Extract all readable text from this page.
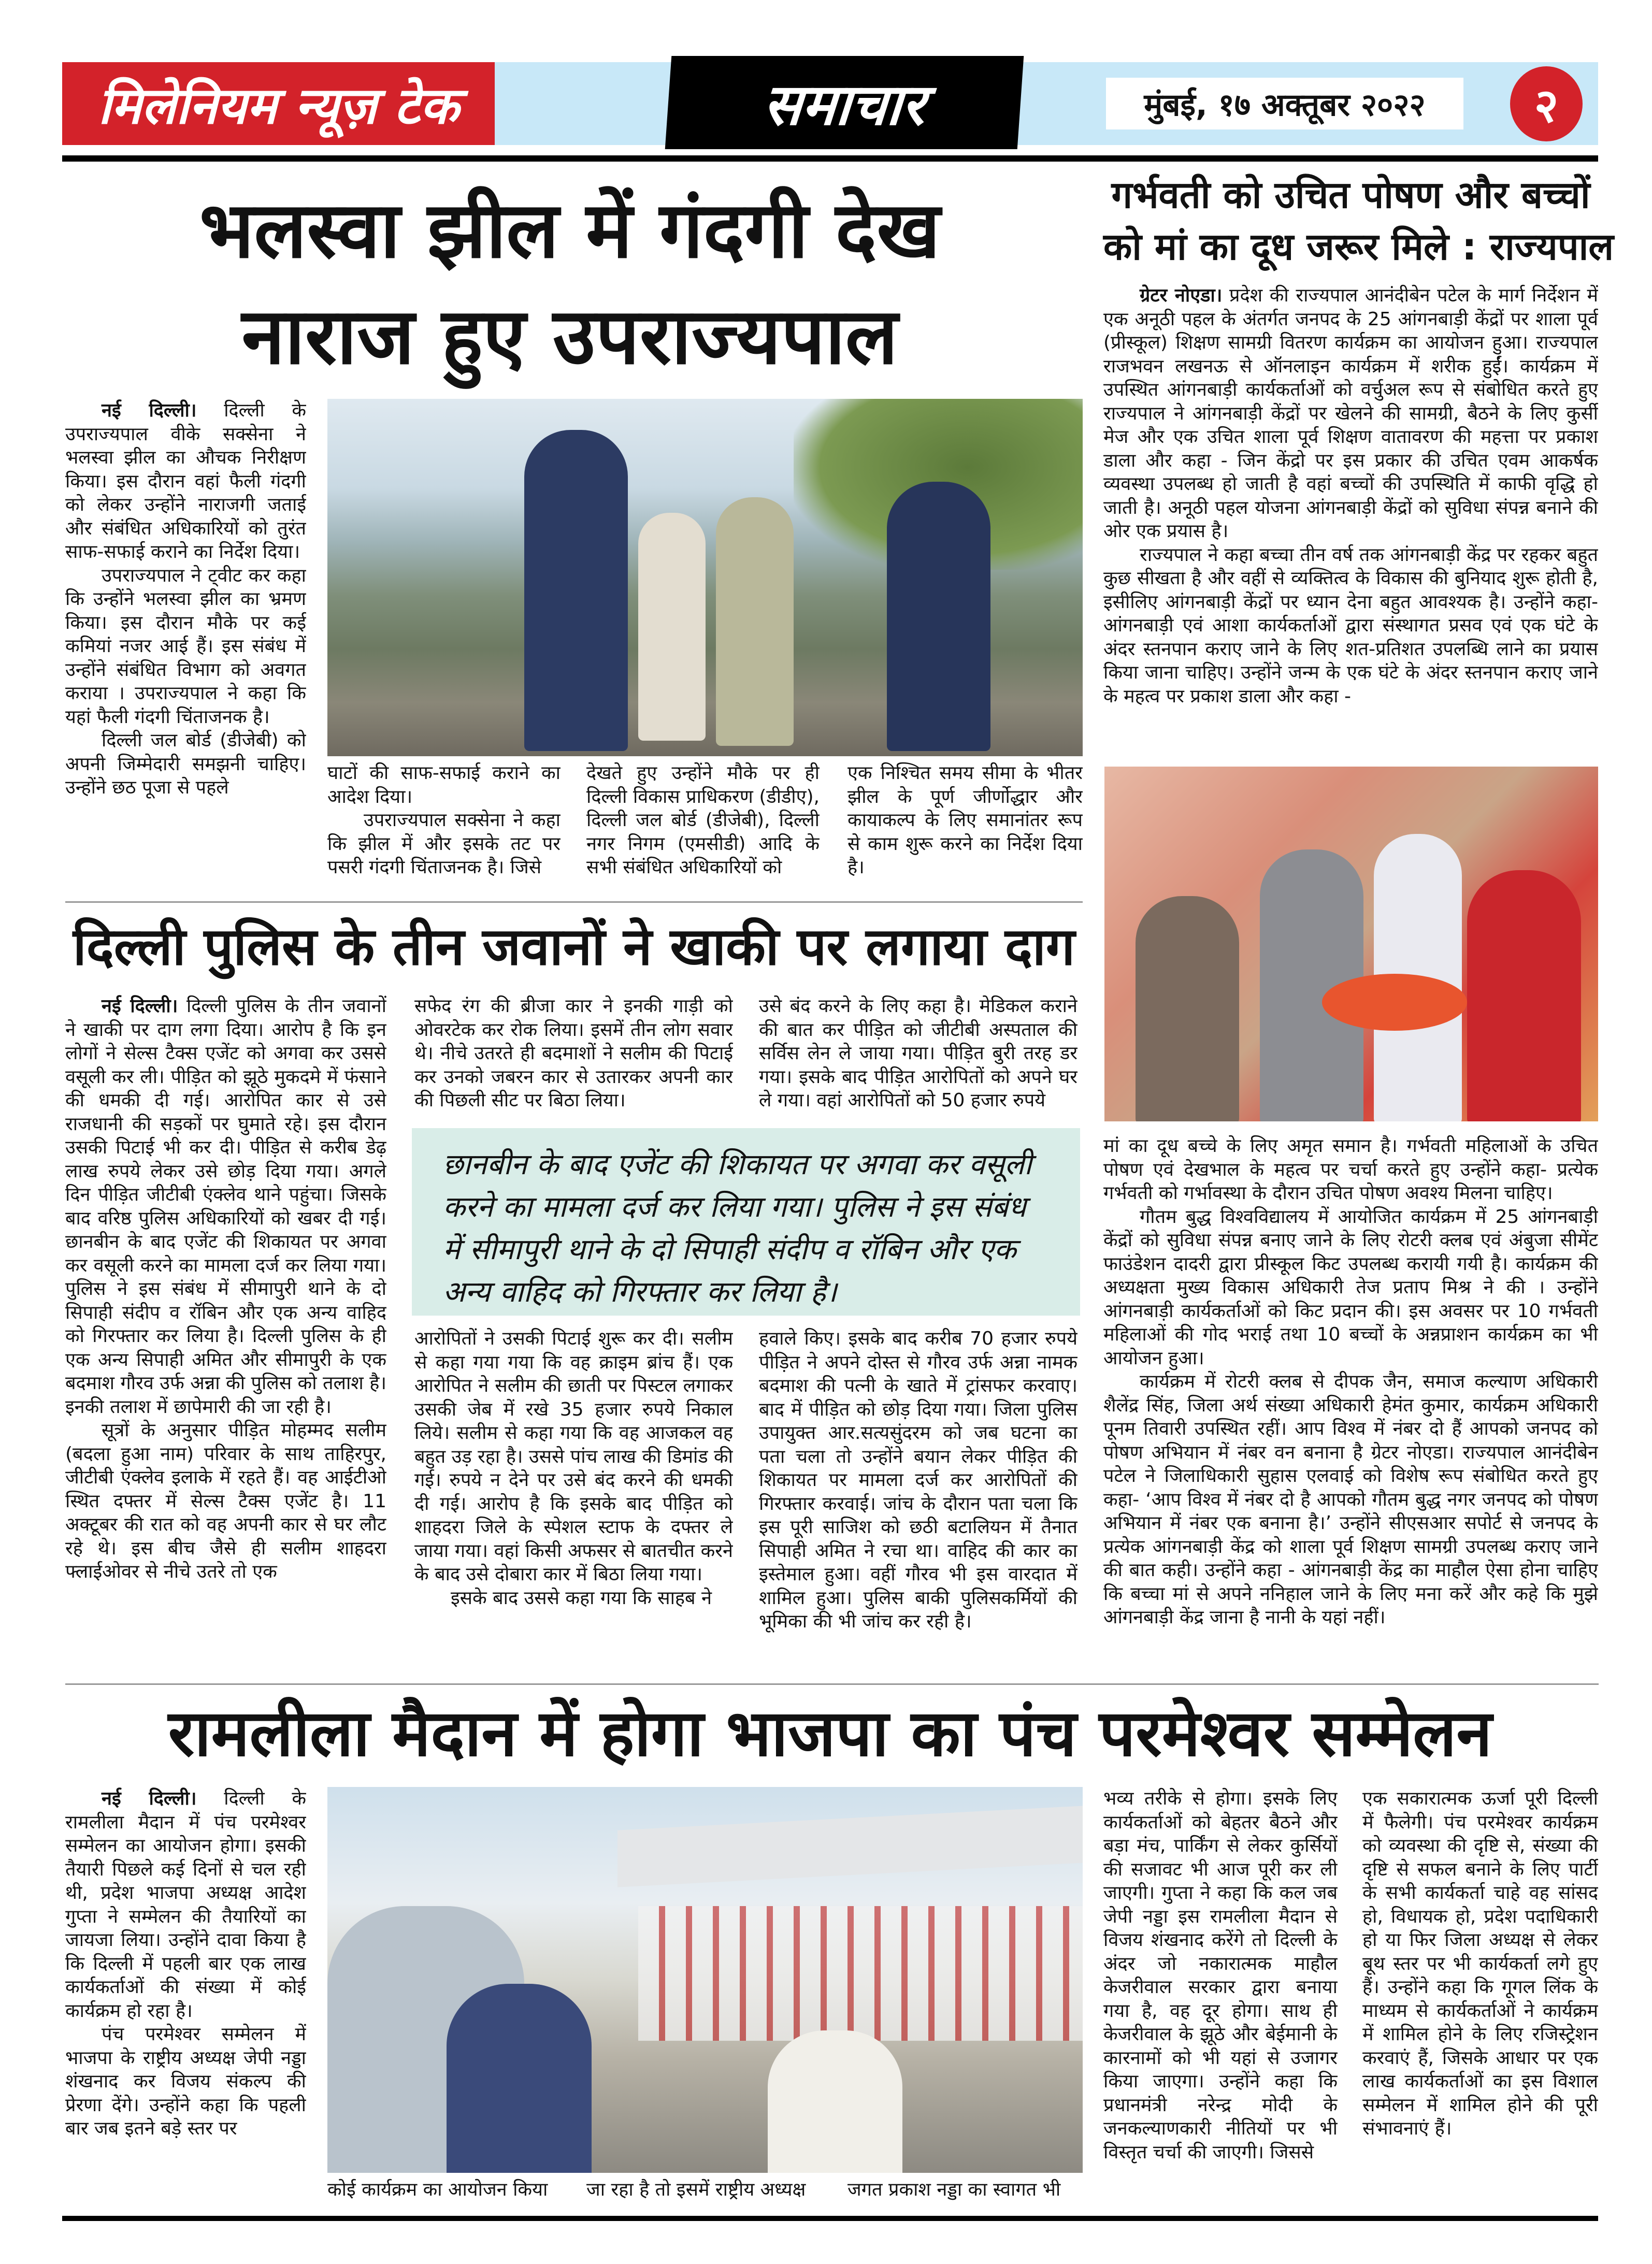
मिलेनियम न्यूज़ टेक	समाचार	मुंबई, १७ अक्तूबर २०२२	२
भलस्वा झील में गंदगी देख
नाराज हुए उपराज्यपाल

नई दिल्ली। दिल्ली के उपराज्यपाल वीके सक्सेना ने भलस्वा झील का औचक निरीक्षण किया। इस दौरान वहां फैली गंदगी को लेकर उन्होंने नाराजगी जताई और संबंधित अधिकारियों को तुरंत साफ-सफाई कराने का निर्देश दिया।

उपराज्यपाल ने ट्वीट कर कहा कि उन्होंने भलस्वा झील का भ्रमण किया। इस दौरान मौके पर कई कमियां नजर आई हैं। इस संबंध में उन्होंने संबंधित विभाग को अवगत कराया । उपराज्यपाल ने कहा कि यहां फैली गंदगी चिंताजनक है।

दिल्ली जल बोर्ड (डीजेबी) को अपनी जिम्मेदारी समझनी चाहिए। उन्होंने छठ पूजा से पहले

घाटों की साफ-सफाई कराने का आदेश दिया।

उपराज्यपाल सक्सेना ने कहा कि झील में और इसके तट पर पसरी गंदगी चिंताजनक है। जिसे

देखते हुए उन्होंने मौके पर ही दिल्ली विकास प्राधिकरण (डीडीए), दिल्ली जल बोर्ड (डीजेबी), दिल्ली नगर निगम (एमसीडी) आदि के सभी संबंधित अधिकारियों को

एक निश्चित समय सीमा के भीतर झील के पूर्ण जीर्णोद्धार और कायाकल्प के लिए समानांतर रूप से काम शुरू करने का निर्देश दिया है।

गर्भवती को उचित पोषण और बच्चों
को मां का दूध जरूर मिले : राज्यपाल

ग्रेटर नोएडा। प्रदेश की राज्यपाल आनंदीबेन पटेल के मार्ग निर्देशन में एक अनूठी पहल के अंतर्गत जनपद के 25 आंगनबाड़ी केंद्रों पर शाला पूर्व (प्रीस्कूल) शिक्षण सामग्री वितरण कार्यक्रम का आयोजन हुआ। राज्यपाल राजभवन लखनऊ से ऑनलाइन कार्यक्रम में शरीक हुईं। कार्यक्रम में उपस्थित आंगनबाड़ी कार्यकर्ताओं को वर्चुअल रूप से संबोधित करते हुए राज्यपाल ने आंगनबाड़ी केंद्रों पर खेलने की सामग्री, बैठने के लिए कुर्सी मेज और एक उचित शाला पूर्व शिक्षण वातावरण की महत्ता पर प्रकाश डाला और कहा - जिन केंद्रो पर इस प्रकार की उचित एवम आकर्षक व्यवस्था उपलब्ध हो जाती है वहां बच्चों की उपस्थिति में काफी वृद्धि हो जाती है। अनूठी पहल योजना आंगनबाड़ी केंद्रों को सुविधा संपन्न बनाने की ओर एक प्रयास है।

राज्यपाल ने कहा बच्चा तीन वर्ष तक आंगनबाड़ी केंद्र पर रहकर बहुत कुछ सीखता है और वहीं से व्यक्तित्व के विकास की बुनियाद शुरू होती है, इसीलिए आंगनबाड़ी केंद्रों पर ध्यान देना बहुत आवश्यक है। उन्होंने कहा-आंगनबाड़ी एवं आशा कार्यकर्ताओं द्वारा संस्थागत प्रसव एवं एक घंटे के अंदर स्तनपान कराए जाने के लिए शत-प्रतिशत उपलब्धि लाने का प्रयास किया जाना चाहिए। उन्होंने जन्म के एक घंटे के अंदर स्तनपान कराए जाने के महत्व पर प्रकाश डाला और कहा -

मां का दूध बच्चे के लिए अमृत समान है। गर्भवती महिलाओं के उचित पोषण एवं देखभाल के महत्व पर चर्चा करते हुए उन्होंने कहा- प्रत्येक गर्भवती को गर्भावस्था के दौरान उचित पोषण अवश्य मिलना चाहिए।

गौतम बुद्ध विश्वविद्यालय में आयोजित कार्यक्रम में 25 आंगनबाड़ी केंद्रों को सुविधा संपन्न बनाए जाने के लिए रोटरी क्लब एवं अंबुजा सीमेंट फाउंडेशन दादरी द्वारा प्रीस्कूल किट उपलब्ध करायी गयी है। कार्यक्रम की अध्यक्षता मुख्य विकास अधिकारी तेज प्रताप मिश्र ने की । उन्होंने आंगनबाड़ी कार्यकर्ताओं को किट प्रदान की। इस अवसर पर 10 गर्भवती महिलाओं की गोद भराई तथा 10 बच्चों के अन्नप्राशन कार्यक्रम का भी आयोजन हुआ।

कार्यक्रम में रोटरी क्लब से दीपक जैन, समाज कल्याण अधिकारी शैलेंद्र सिंह, जिला अर्थ संख्या अधिकारी हेमंत कुमार, कार्यक्रम अधिकारी पूनम तिवारी उपस्थित रहीं। आप विश्व में नंबर दो हैं आपको जनपद को पोषण अभियान में नंबर वन बनाना है ग्रेटर नोएडा। राज्यपाल आनंदीबेन पटेल ने जिलाधिकारी सुहास एलवाई को विशेष रूप संबोधित करते हुए कहा- ‘आप विश्व में नंबर दो है आपको गौतम बुद्ध नगर जनपद को पोषण अभियान में नंबर एक बनाना है।’ उन्होंने सीएसआर सपोर्ट से जनपद के प्रत्येक आंगनबाड़ी केंद्र को शाला पूर्व शिक्षण सामग्री उपलब्ध कराए जाने की बात कही। उन्होंने कहा - आंगनबाड़ी केंद्र का माहौल ऐसा होना चाहिए कि बच्चा मां से अपने ननिहाल जाने के लिए मना करें और कहे कि मुझे आंगनबाड़ी केंद्र जाना है नानी के यहां नहीं।

दिल्ली पुलिस के तीन जवानों ने खाकी पर लगाया दाग

नई दिल्ली। दिल्ली पुलिस के तीन जवानों ने खाकी पर दाग लगा दिया। आरोप है कि इन लोगों ने सेल्स टैक्स एजेंट को अगवा कर उससे वसूली कर ली। पीड़ित को झूठे मुकदमे में फंसाने की धमकी दी गई। आरोपित कार से उसे राजधानी की सड़कों पर घुमाते रहे। इस दौरान उसकी पिटाई भी कर दी। पीड़ित से करीब डेढ़ लाख रुपये लेकर उसे छोड़ दिया गया। अगले दिन पीड़ित जीटीबी एंक्लेव थाने पहुंचा। जिसके बाद वरिष्ठ पुलिस अधिकारियों को खबर दी गई। छानबीन के बाद एजेंट की शिकायत पर अगवा कर वसूली करने का मामला दर्ज कर लिया गया। पुलिस ने इस संबंध में सीमापुरी थाने के दो सिपाही संदीप व रॉबिन और एक अन्य वाहिद को गिरफ्तार कर लिया है। दिल्ली पुलिस के ही एक अन्य सिपाही अमित और सीमापुरी के एक बदमाश गौरव उर्फ अन्ना की पुलिस को तलाश है। इनकी तलाश में छापेमारी की जा रही है।

सूत्रों के अनुसार पीड़ित मोहम्मद सलीम (बदला हुआ नाम) परिवार के साथ ताहिरपुर, जीटीबी एंक्लेव इलाके में रहते हैं। वह आईटीओ स्थित दफ्तर में सेल्स टैक्स एजेंट है। 11 अक्टूबर की रात को वह अपनी कार से घर लौट रहे थे। इस बीच जैसे ही सलीम शाहदरा फ्लाईओवर से नीचे उतरे तो एक

सफेद रंग की ब्रीजा कार ने इनकी गाड़ी को ओवरटेक कर रोक लिया। इसमें तीन लोग सवार थे। नीचे उतरते ही बदमाशों ने सलीम की पिटाई कर उनको जबरन कार से उतारकर अपनी कार की पिछली सीट पर बिठा लिया।

उसे बंद करने के लिए कहा है। मेडिकल कराने की बात कर पीड़ित को जीटीबी अस्पताल की सर्विस लेन ले जाया गया। पीड़ित बुरी तरह डर गया। इसके बाद पीड़ित आरोपितों को अपने घर ले गया। वहां आरोपितों को 50 हजार रुपये

छानबीन के बाद एजेंट की शिकायत पर अगवा कर वसूली करने का मामला दर्ज कर लिया गया। पुलिस ने इस संबंध में सीमापुरी थाने के दो सिपाही संदीप व रॉबिन और एक अन्य वाहिद को गिरफ्तार कर लिया है।

आरोपितों ने उसकी पिटाई शुरू कर दी। सलीम से कहा गया गया कि वह क्राइम ब्रांच हैं। एक आरोपित ने सलीम की छाती पर पिस्टल लगाकर उसकी जेब में रखे 35 हजार रुपये निकाल लिये। सलीम से कहा गया कि वह आजकल वह बहुत उड़ रहा है। उससे पांच लाख की डिमांड की गई। रुपये न देने पर उसे बंद करने की धमकी दी गई। आरोप है कि इसके बाद पीड़ित को शाहदरा जिले के स्पेशल स्टाफ के दफ्तर ले जाया गया। वहां किसी अफसर से बातचीत करने के बाद उसे दोबारा कार में बिठा लिया गया।

इसके बाद उससे कहा गया कि साहब ने

हवाले किए। इसके बाद करीब 70 हजार रुपये पीड़ित ने अपने दोस्त से गौरव उर्फ अन्ना नामक बदमाश की पत्नी के खाते में ट्रांसफर करवाए। बाद में पीड़ित को छोड़ दिया गया। जिला पुलिस उपायुक्त आर.सत्यसुंदरम को जब घटना का पता चला तो उन्होंने बयान लेकर पीड़ित की शिकायत पर मामला दर्ज कर आरोपितों की गिरफ्तार करवाई। जांच के दौरान पता चला कि इस पूरी साजिश को छठी बटालियन में तैनात सिपाही अमित ने रचा था। वाहिद की कार का इस्तेमाल हुआ। वहीं गौरव भी इस वारदात में शामिल हुआ। पुलिस बाकी पुलिसकर्मियों की भूमिका की भी जांच कर रही है।

रामलीला मैदान में होगा भाजपा का पंच परमेश्वर सम्मेलन

नई दिल्ली। दिल्ली के रामलीला मैदान में पंच परमेश्वर सम्मेलन का आयोजन होगा। इसकी तैयारी पिछले कई दिनों से चल रही थी, प्रदेश भाजपा अध्यक्ष आदेश गुप्ता ने सम्मेलन की तैयारियों का जायजा लिया। उन्होंने दावा किया है कि दिल्ली में पहली बार एक लाख कार्यकर्ताओं की संख्या में कोई कार्यक्रम हो रहा है।

पंच परमेश्वर सम्मेलन में भाजपा के राष्ट्रीय अध्यक्ष जेपी नड्डा शंखनाद कर विजय संकल्प की प्रेरणा देंगे। उन्होंने कहा कि पहली बार जब इतने बड़े स्तर पर

कोई कार्यक्रम का आयोजन किया	जा रहा है तो इसमें राष्ट्रीय अध्यक्ष	जगत प्रकाश नड्डा का स्वागत भी

भव्य तरीके से होगा। इसके लिए कार्यकर्ताओं को बेहतर बैठने और बड़ा मंच, पार्किंग से लेकर कुर्सियों की सजावट भी आज पूरी कर ली जाएगी। गुप्ता ने कहा कि कल जब जेपी नड्डा इस रामलीला मैदान से विजय शंखनाद करेंगे तो दिल्ली के अंदर जो नकारात्मक माहौल केजरीवाल सरकार द्वारा बनाया गया है, वह दूर होगा। साथ ही केजरीवाल के झूठे और बेईमानी के कारनामों को भी यहां से उजागर किया जाएगा। उन्होंने कहा कि प्रधानमंत्री नरेन्द्र मोदी के जनकल्याणकारी नीतियों पर भी विस्तृत चर्चा की जाएगी। जिससे

एक सकारात्मक ऊर्जा पूरी दिल्ली में फैलेगी। पंच परमेश्वर कार्यक्रम को व्यवस्था की दृष्टि से, संख्या की दृष्टि से सफल बनाने के लिए पार्टी के सभी कार्यकर्ता चाहे वह सांसद हो, विधायक हो, प्रदेश पदाधिकारी हो या फिर जिला अध्यक्ष से लेकर बूथ स्तर पर भी कार्यकर्ता लगे हुए हैं। उन्होंने कहा कि गूगल लिंक के माध्यम से कार्यकर्ताओं ने कार्यक्रम में शामिल होने के लिए रजिस्ट्रेशन करवाएं हैं, जिसके आधार पर एक लाख कार्यकर्ताओं का इस विशाल सम्मेलन में शामिल होने की पूरी संभावनाएं हैं।
